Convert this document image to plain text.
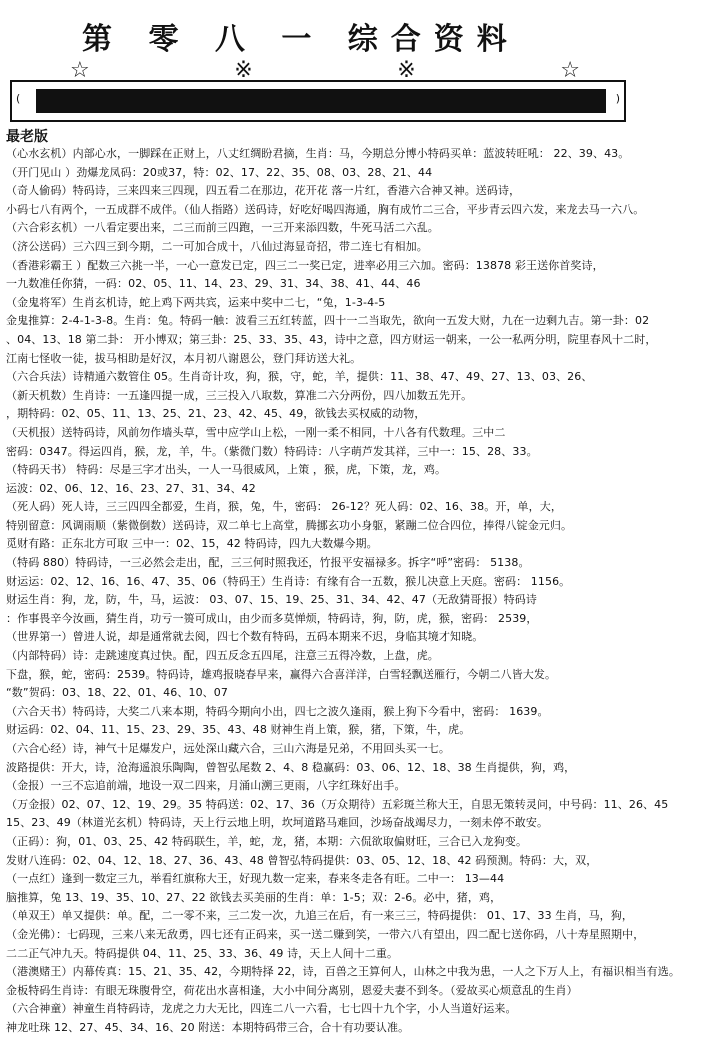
第 零 八 一 综合资料
☆	※	※	☆
(	)
最老版
（心水玄机）内部心水，一脚踩在正财上，八丈红绸盼君摘，生肖：马，今期总分博小特码买单：蓝波转旺吼： 22、39、43。
（开门见山 ）劲爆龙凤码：20或37，特：02、17、22、35、08、03、28、21、44
（奇人偷码）特码诗，三来四来三四现，四五看二在那边，花开花 落一片红，香港六合神又神。送码诗，
小码七八有两个，一五成群不成伴。（仙人指路）送码诗，好吃好喝四海通，胸有成竹二三合，平步青云四六发，来龙去马一六八。
（六合彩玄机）一八看定要出来，二三而前三四跑，一三开来添四数，牛死马活二六乱。
（济公送码）三六四三到今期，二一可加合成十，八仙过海显奇招，带二连七有相加。
（香港彩霸王 ）配数三六挑一半，一心一意发已定，四三二一奖已定，进率必用三六加。密码：13878 彩王送你首奖诗，
一九数准任你猜，一码：02、05、11、14、23、29、31、34、38、41、44、46
（金鬼将军）生肖玄机诗，蛇上鸡下两共宾，运来中奖中二七，“兔，1-3-4-5
金鬼推算：2-4-1-3-8。生肖：兔。特码一触：波看三五红转蓝，四十一二当取先，欲向一五发大财，九在一边剩九吉。第一卦：02
、04、13、18 第二卦： 开小博双；第三卦：25、33、35、43，诗中之意，四方财运一朝来，一公一私两分明，院里春风十二时，
江南七怪收一徒，拔马相助是好汉，本月初八谢恩公，登门拜访送大礼。
（六合兵法）诗精通六数管住 05。生肖奇计攻，狗，猴，守，蛇，羊，提供：11、38、47、49、27、13、03、26、
（新天机数）生肖诗：一五逢四提一成，三三投入八取数，算准二六分两份，四八加数五先开。
，期特码：02、05、11、13、25、21、23、42、45、49，欲钱去买权威的动物，
（天机报）送特码诗，风前勿作墙头草，雪中应学山上松，一刚一柔不相同，十八各有代数理。三中二
密码：0347。得运四肖，猴，龙，羊，牛。（紫微门数）特码诗：八字萌芦发其祥，三中一：15、28、33。
（特码天书） 特码：尽是三字才出头，一人一马很威风，上策 ，猴，虎，下策，龙，鸡。
运波：02、06、12、16、23、27、31、34、42
（死人码）死人诗，三三四四全都爱，生肖，猴，兔，牛，密码： 26-12？死人码：02、16、38。开，单，大，
特别留意：风调雨顺（紫微倒数）送码诗，双二单七上高堂，腾挪玄功小身躯，紧蹦二位合四位，捧得八锭金元归。
觅财有路：正东北方可取 三中一：02、15，42 特码诗，四九大数爆今期。
（特码 880）特码诗，一三必然会走出，配，三三何时照我还，竹报平安福禄多。拆字“呼”密码： 5138。
财运运：02、12、16、16、47、35、06（特码王）生肖诗：有缘有合一五数，猴儿决意上天庭。密码： 1156。
财运生肖：狗，龙，防，牛，马，运波： 03、07、15、19、25、31、34、42、47（无敌猜哥报）特码诗
：作事畏辛今汝画，猜生肖，功亏一篑可成山，由少而多莫惮烦，特码诗，狗，防，虎，猴，密码： 2539，
（世界第一）曾进人说，却是通常就去阅，四七个数有特码，五码本期来不迟，身临其境才知晓。
（内部特码）诗：走跳速度真过快。配，四五反念五四尾，注意三五得冷数，上盘，虎。
下盘，猴，蛇，密码：2539。特码诗，雄鸡报晓春早来，赢得六合喜洋洋，白雪轻飘送雁行，今朝二八皆大发。
“数”贺码：03、18、22、01、46、10、07
（六合天书）特码诗，大奖二八来本期，特码今期向小出，四七之波久逢雨，猴上狗下今看中，密码： 1639。
财运码：02、04、11、15、23、29、35、43、48 财神生肖上策，猴，猪，下策，牛，虎。
（六合心经）诗，神气十足爆发户，远处深山藏六合，三山六海是兄弟，不用回头买一七。
波路提供：开大，诗，沧海遥浪乐陶陶，曾智弘尾数 2、4、8 稳赢码：03、06、12、18、38 生肖提供，狗，鸡，
（金报）一三不忘追前端，地设一双二四来，月涌山溯三更雨，八字红珠好出手。
（万金报）02、07、12、19、29。35 特码送：02、17、36（万众期待）五彩斑兰称大王，自思无策转灵问，中号码：11、26、45
15、23、49（林道光玄机）特码诗，天上行云地上明，坎坷道路马难回，沙场奋战竭尽力，一刻未停不敢安。
（正码）：狗，01、03、25、42 特码联生，羊，蛇，龙，猪，本期：六侃欲取偏财旺，三合已入龙狗变。
发财八连码：02、04、12、18、27、36、43、48 曾智弘特码提供：03、05、12、18、42 码预测。特码：大，双，
（一点红）逢到一数定三九，举看红旗称大王，好现九数一定来，春来冬走各有旺。二中一： 13—44
脑推算，兔 13、19、35、10、27、22 欲钱去买美丽的生肖：单：1-5；双：2-6。必中，猪，鸡，
（单双王）单又提供：单。配，二一零不来，三二发一次，九追三在后，有一来三三，特码提供： 01、17、33 生肖，马，狗，
（金光佛）：七码现，三来八来无敌勇，四七还有正码来，买一送二赚到笑，一带六八有望出，四二配七送你码，八十寿星照期中，
二二正气冲九天。特码提供 04、11、25、33、36、49 诗，天上人间十二重。
（港澳赌王）内幕传真：15、21、35、42，今期特择 22，诗，百兽之王算何人，山林之中我为患，一人之下万人上，有福识相当有选。
金板特码生肖诗：有眼无珠腹骨空，荷花出水喜相逢，大小中间分离别，恩爱夫妻不到冬。（爱故买心烦意乱的生肖）
（六合神童）神童生肖特码诗，龙虎之力大无比，四连二八一六看，七七四十九个字，小人当道好运来。
神龙吐珠 12、27、45、34、16、20 附送：本期特码带三合，合十有功要认准。
